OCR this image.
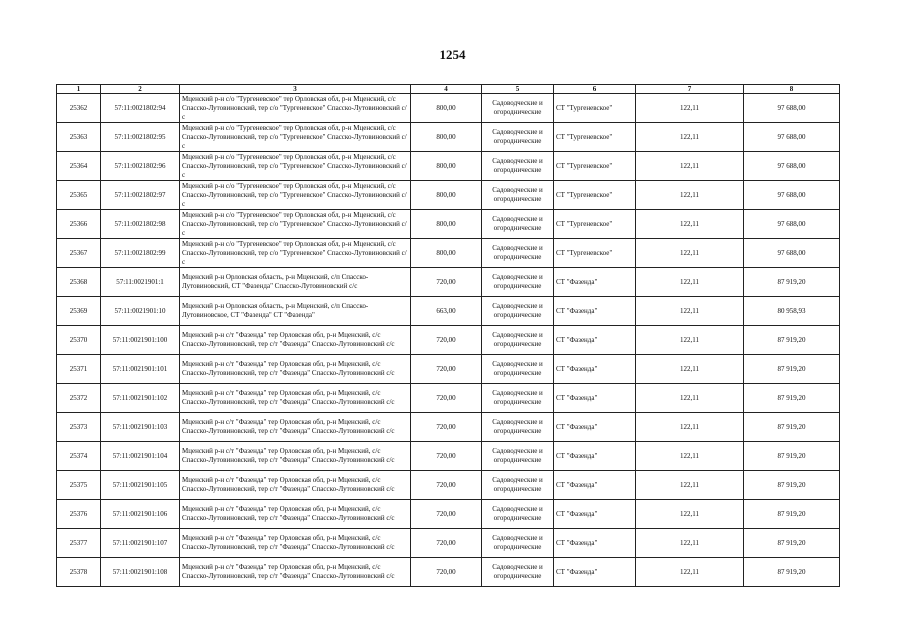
1254
1	2	3	4	5	6	7	8
25362	57:11:0021802:94	Мценский р-н с/о "Тургеневское" тер Орловская обл, р-н Мценский, с/с Спасско-Лутовиновский, тер с/о "Тургеневское" Спасско-Лутовиновский с/с	800,00	Садоводческие и огороднические	СТ "Тургеневское"	122,11	97 688,00
25363	57:11:0021802:95	Мценский р-н с/о "Тургеневское" тер Орловская обл, р-н Мценский, с/с Спасско-Лутовиновский, тер с/о "Тургеневское" Спасско-Лутовиновский с/с	800,00	Садоводческие и огороднические	СТ "Тургеневское"	122,11	97 688,00
25364	57:11:0021802:96	Мценский р-н с/о "Тургеневское" тер Орловская обл, р-н Мценский, с/с Спасско-Лутовиновский, тер с/о "Тургеневское" Спасско-Лутовиновский с/с	800,00	Садоводческие и огороднические	СТ "Тургеневское"	122,11	97 688,00
25365	57:11:0021802:97	Мценский р-н с/о "Тургеневское" тер Орловская обл, р-н Мценский, с/с Спасско-Лутовиновский, тер с/о "Тургеневское" Спасско-Лутовиновский с/с	800,00	Садоводческие и огороднические	СТ "Тургеневское"	122,11	97 688,00
25366	57:11:0021802:98	Мценский р-н с/о "Тургеневское" тер Орловская обл, р-н Мценский, с/с Спасско-Лутовиновский, тер с/о "Тургеневское" Спасско-Лутовиновский с/с	800,00	Садоводческие и огороднические	СТ "Тургеневское"	122,11	97 688,00
25367	57:11:0021802:99	Мценский р-н с/о "Тургеневское" тер Орловская обл, р-н Мценский, с/с Спасско-Лутовиновский, тер с/о "Тургеневское" Спасско-Лутовиновский с/с	800,00	Садоводческие и огороднические	СТ "Тургеневское"	122,11	97 688,00
25368	57:11:0021901:1	Мценский р-н Орловская область, р-н Мценский, с/п Спасско-Лутовиновский, СТ "Фазенда" Спасско-Лутовиновский с/с	720,00	Садоводческие и огороднические	СТ "Фазенда"	122,11	87 919,20
25369	57:11:0021901:10	Мценский р-н Орловская область, р-н Мценский, с/п Спасско-Лутовиновское, СТ "Фазенда" СТ "Фазенда"	663,00	Садоводческие и огороднические	СТ "Фазенда"	122,11	80 958,93
25370	57:11:0021901:100	Мценский р-н с/т "Фазенда" тер Орловская обл, р-н Мценский, с/с Спасско-Лутовиновский, тер с/т "Фазенда" Спасско-Лутовиновский с/с	720,00	Садоводческие и огороднические	СТ "Фазенда"	122,11	87 919,20
25371	57:11:0021901:101	Мценский р-н с/т "Фазенда" тер Орловская обл, р-н Мценский, с/с Спасско-Лутовиновский, тер с/т "Фазенда" Спасско-Лутовиновский с/с	720,00	Садоводческие и огороднические	СТ "Фазенда"	122,11	87 919,20
25372	57:11:0021901:102	Мценский р-н с/т "Фазенда" тер Орловская обл, р-н Мценский, с/с Спасско-Лутовиновский, тер с/т "Фазенда" Спасско-Лутовиновский с/с	720,00	Садоводческие и огороднические	СТ "Фазенда"	122,11	87 919,20
25373	57:11:0021901:103	Мценский р-н с/т "Фазенда" тер Орловская обл, р-н Мценский, с/с Спасско-Лутовиновский, тер с/т "Фазенда" Спасско-Лутовиновский с/с	720,00	Садоводческие и огороднические	СТ "Фазенда"	122,11	87 919,20
25374	57:11:0021901:104	Мценский р-н с/т "Фазенда" тер Орловская обл, р-н Мценский, с/с Спасско-Лутовиновский, тер с/т "Фазенда" Спасско-Лутовиновский с/с	720,00	Садоводческие и огороднические	СТ "Фазенда"	122,11	87 919,20
25375	57:11:0021901:105	Мценский р-н с/т "Фазенда" тер Орловская обл, р-н Мценский, с/с Спасско-Лутовиновский, тер с/т "Фазенда" Спасско-Лутовиновский с/с	720,00	Садоводческие и огороднические	СТ "Фазенда"	122,11	87 919,20
25376	57:11:0021901:106	Мценский р-н с/т "Фазенда" тер Орловская обл, р-н Мценский, с/с Спасско-Лутовиновский, тер с/т "Фазенда" Спасско-Лутовиновский с/с	720,00	Садоводческие и огороднические	СТ "Фазенда"	122,11	87 919,20
25377	57:11:0021901:107	Мценский р-н с/т "Фазенда" тер Орловская обл, р-н Мценский, с/с Спасско-Лутовиновский, тер с/т "Фазенда" Спасско-Лутовиновский с/с	720,00	Садоводческие и огороднические	СТ "Фазенда"	122,11	87 919,20
25378	57:11:0021901:108	Мценский р-н с/т "Фазенда" тер Орловская обл, р-н Мценский, с/с Спасско-Лутовиновский, тер с/т "Фазенда" Спасско-Лутовиновский с/с	720,00	Садоводческие и огороднические	СТ "Фазенда"	122,11	87 919,20
